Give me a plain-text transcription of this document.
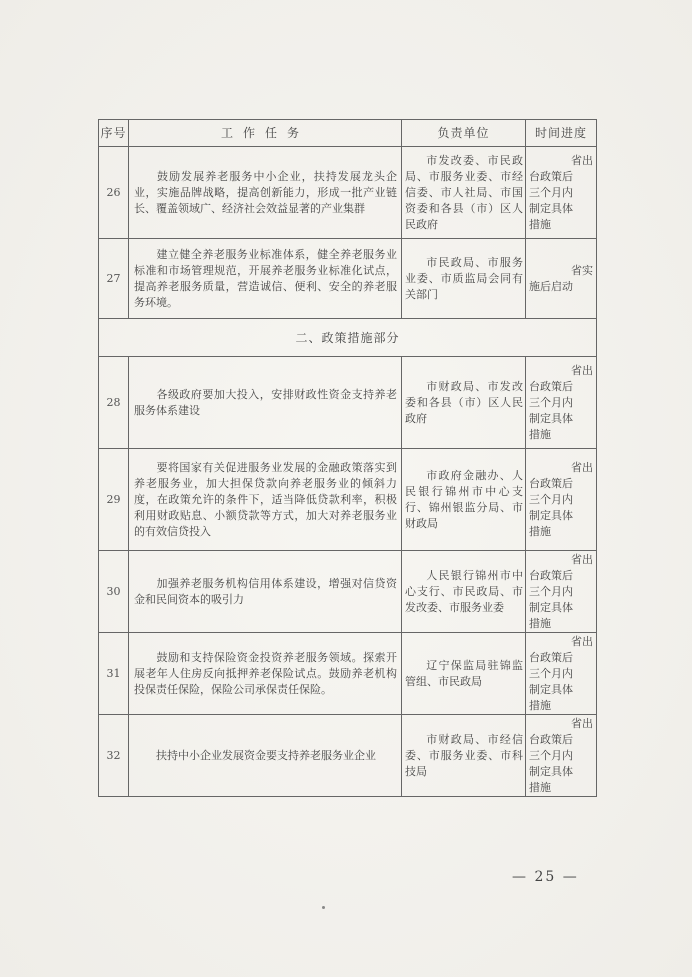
序号	工作任务	负责单位	时间进度
26	鼓励发展养老服务中小企业，扶持发展龙头企业，实施品牌战略，提高创新能力，形成一批产业链长、覆盖领域广、经济社会效益显著的产业集群	市发改委、市民政局、市服务业委、市经信委、市人社局、市国资委和各县（市）区人民政府	省出
台政策后
三个月内
制定具体
措施

27	建立健全养老服务业标准体系，健全养老服务业标准和市场管理规范，开展养老服务业标准化试点，提高养老服务质量，营造诚信、便利、安全的养老服务环境。	市民政局、市服务业委、市质监局会同有关部门	省实
施后启动

二、政策措施部分			
28	各级政府要加大投入，安排财政性资金支持养老服务体系建设	市财政局、市发改委和各县（市）区人民政府	省出
台政策后
三个月内
制定具体
措施

29	要将国家有关促进服务业发展的金融政策落实到养老服务业，加大担保贷款向养老服务业的倾斜力度，在政策允许的条件下，适当降低贷款利率，积极利用财政贴息、小额贷款等方式，加大对养老服务业的有效信贷投入	市政府金融办、人民银行锦州市中心支行、锦州银监分局、市财政局	省出
台政策后
三个月内
制定具体
措施

30	加强养老服务机构信用体系建设，增强对信贷资金和民间资本的吸引力	人民银行锦州市中心支行、市民政局、市发改委、市服务业委	省出
台政策后
三个月内
制定具体
措施

31	鼓励和支持保险资金投资养老服务领域。探索开展老年人住房反向抵押养老保险试点。鼓励养老机构投保责任保险，保险公司承保责任保险。	辽宁保监局驻锦监管组、市民政局	省出
台政策后
三个月内
制定具体
措施

32	扶持中小企业发展资金要支持养老服务业企业	市财政局、市经信委、市服务业委、市科技局	省出
台政策后
三个月内
制定具体
措施
— 25 —
